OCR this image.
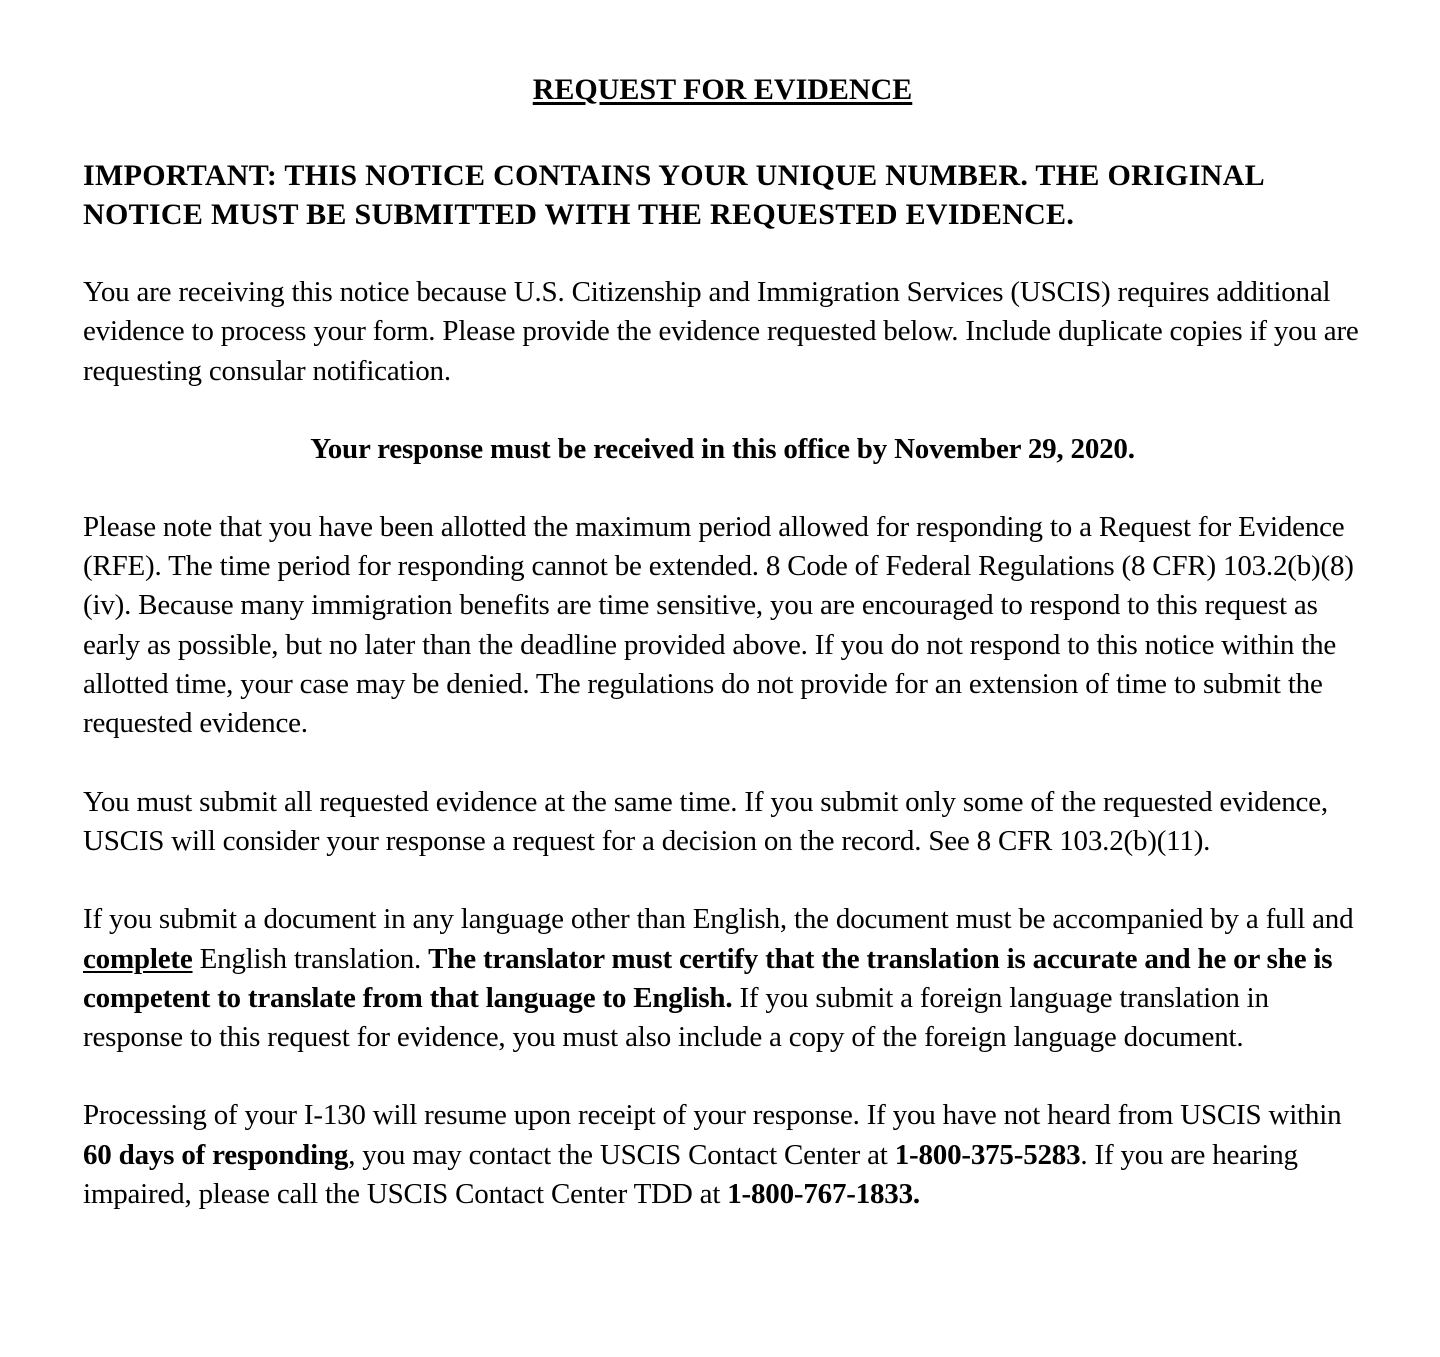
REQUEST FOR EVIDENCE
IMPORTANT: THIS NOTICE CONTAINS YOUR UNIQUE NUMBER. THE ORIGINAL NOTICE MUST BE SUBMITTED WITH THE REQUESTED EVIDENCE.
You are receiving this notice because U.S. Citizenship and Immigration Services (USCIS) requires additional evidence to process your form. Please provide the evidence requested below. Include duplicate copies if you are requesting consular notification.
Your response must be received in this office by November 29, 2020.
Please note that you have been allotted the maximum period allowed for responding to a Request for Evidence (RFE). The time period for responding cannot be extended. 8 Code of Federal Regulations (8 CFR) 103.2(b)(8)(iv). Because many immigration benefits are time sensitive, you are encouraged to respond to this request as early as possible, but no later than the deadline provided above. If you do not respond to this notice within the allotted time, your case may be denied. The regulations do not provide for an extension of time to submit the requested evidence.
You must submit all requested evidence at the same time. If you submit only some of the requested evidence, USCIS will consider your response a request for a decision on the record. See 8 CFR 103.2(b)(11).
If you submit a document in any language other than English, the document must be accompanied by a full and complete English translation. The translator must certify that the translation is accurate and he or she is competent to translate from that language to English. If you submit a foreign language translation in response to this request for evidence, you must also include a copy of the foreign language document.
Processing of your I-130 will resume upon receipt of your response. If you have not heard from USCIS within 60 days of responding, you may contact the USCIS Contact Center at 1-800-375-5283. If you are hearing impaired, please call the USCIS Contact Center TDD at 1-800-767-1833.
